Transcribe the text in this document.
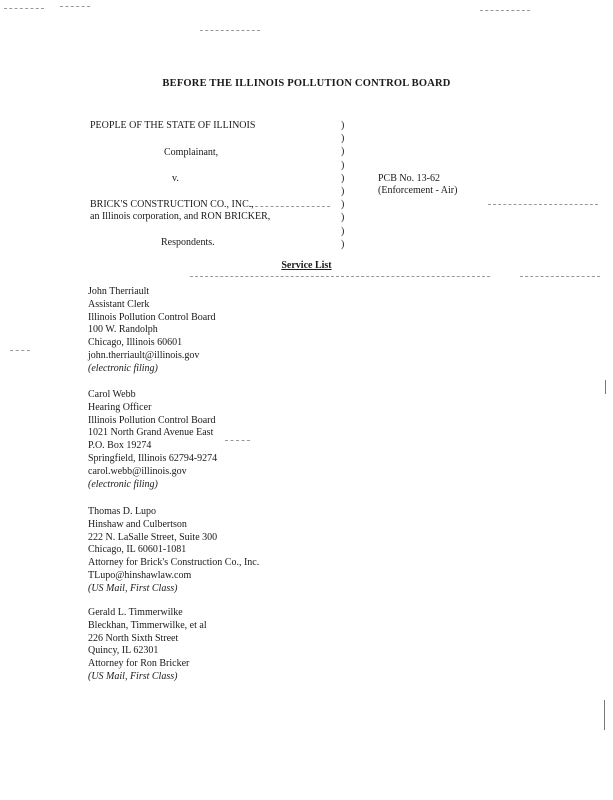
BEFORE THE ILLINOIS POLLUTION CONTROL BOARD
PEOPLE OF THE STATE OF ILLINOIS
Complainant,
v.
BRICK'S CONSTRUCTION CO., INC.,
an Illinois corporation, and RON BRICKER,
Respondents.
)
)
)
)
)
)
)
)
)
)
PCB No. 13-62
(Enforcement - Air)
Service List
John Therriault
Assistant Clerk
Illinois Pollution Control Board
100 W. Randolph
Chicago, Illinois 60601
john.therriault@illinois.gov
(electronic filing)
Carol Webb
Hearing Officer
Illinois Pollution Control Board
1021 North Grand Avenue East
P.O. Box 19274
Springfield, Illinois 62794-9274
carol.webb@illinois.gov
(electronic filing)
Thomas D. Lupo
Hinshaw and Culbertson
222 N. LaSalle Street, Suite 300
Chicago, IL 60601-1081
Attorney for Brick's Construction Co., Inc.
TLupo@hinshawlaw.com
(US Mail, First Class)
Gerald L. Timmerwilke
Bleckhan, Timmerwilke, et al
226 North Sixth Street
Quincy, IL 62301
Attorney for Ron Bricker
(US Mail, First Class)
